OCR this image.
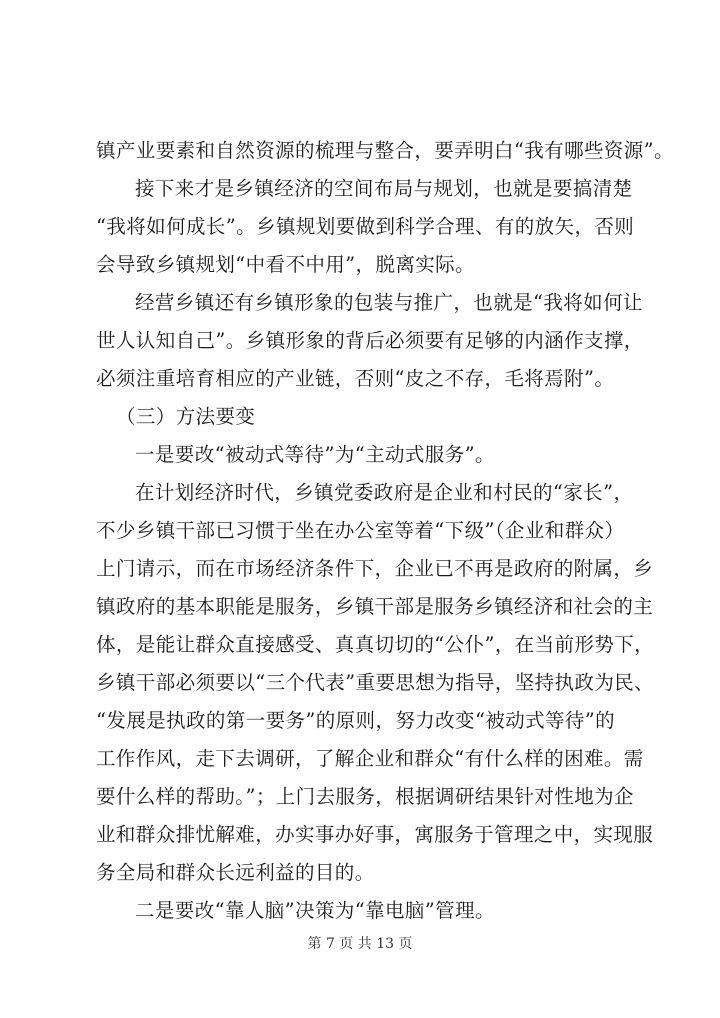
镇产业要素和自然资源的梳理与整合，要弄明白“我有哪些资源”。
接下来才是乡镇经济的空间布局与规划，也就是要搞清楚
“我将如何成长”。乡镇规划要做到科学合理、有的放矢，否则
会导致乡镇规划“中看不中用”，脱离实际。
经营乡镇还有乡镇形象的包装与推广，也就是“我将如何让
世人认知自己”。乡镇形象的背后必须要有足够的内涵作支撑，
必须注重培育相应的产业链，否则“皮之不存，毛将焉附”。
（三）方法要变
一是要改“被动式等待”为“主动式服务”。
在计划经济时代，乡镇党委政府是企业和村民的“家长”，
不少乡镇干部已习惯于坐在办公室等着“下级”（企业和群众）
上门请示，而在市场经济条件下，企业已不再是政府的附属，乡
镇政府的基本职能是服务，乡镇干部是服务乡镇经济和社会的主
体，是能让群众直接感受、真真切切的“公仆”，在当前形势下，
乡镇干部必须要以“三个代表”重要思想为指导，坚持执政为民、
“发展是执政的第一要务”的原则，努力改变“被动式等待”的
工作作风，走下去调研，了解企业和群众“有什么样的困难。需
要什么样的帮助。”；上门去服务，根据调研结果针对性地为企
业和群众排忧解难，办实事办好事，寓服务于管理之中，实现服
务全局和群众长远利益的目的。
二是要改“靠人脑”决策为“靠电脑”管理。
第 7 页 共 13 页
